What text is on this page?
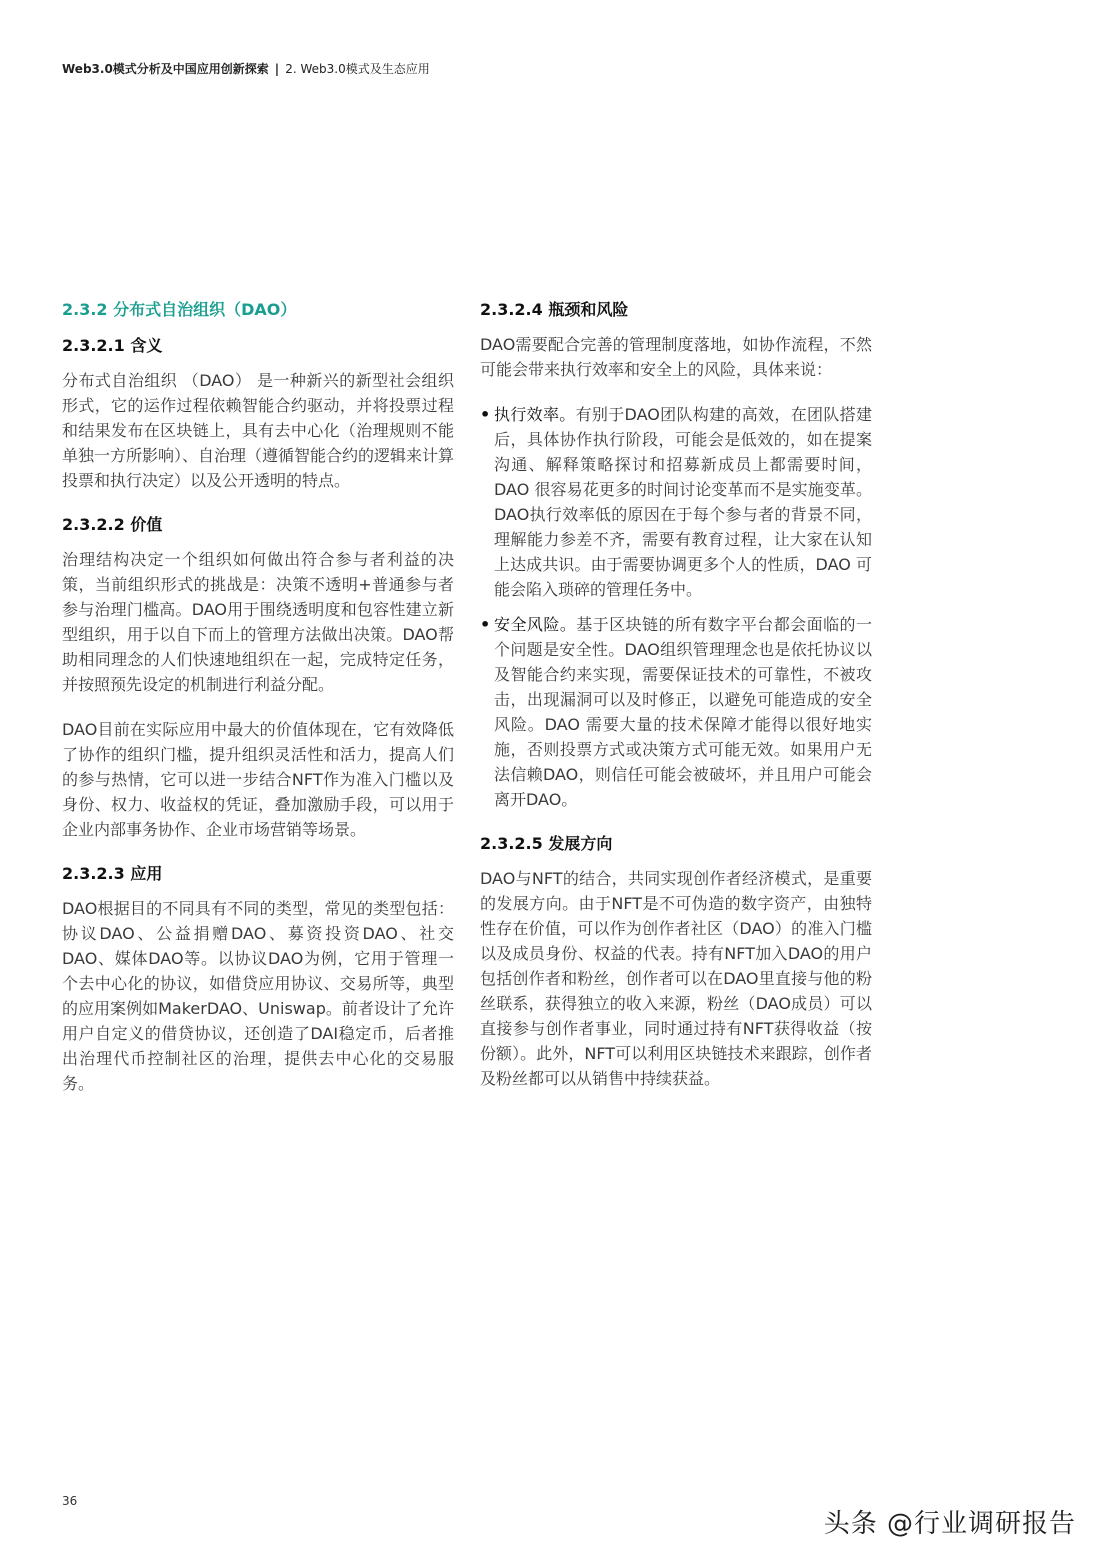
Web3.0模式分析及中国应用创新探索 | 2. Web3.0模式及生态应用
2.3.2 分布式自治组织（DAO）
2.3.2.1 含义

分布式自治组织 （DAO） 是一种新兴的新型社会组织形式，它的运作过程依赖智能合约驱动，并将投票过程和结果发布在区块链上，具有去中心化（治理规则不能单独一方所影响）、自治理（遵循智能合约的逻辑来计算投票和执行决定）以及公开透明的特点。

2.3.2.2 价值

治理结构决定一个组织如何做出符合参与者利益的决策，当前组织形式的挑战是：决策不透明+普通参与者参与治理门槛高。DAO用于围绕透明度和包容性建立新型组织，用于以自下而上的管理方法做出决策。DAO帮助相同理念的人们快速地组织在一起，完成特定任务，并按照预先设定的机制进行利益分配。

DAO目前在实际应用中最大的价值体现在，它有效降低了协作的组织门槛，提升组织灵活性和活力，提高人们的参与热情，它可以进一步结合NFT作为准入门槛以及身份、权力、收益权的凭证，叠加激励手段，可以用于企业内部事务协作、企业市场营销等场景。

2.3.2.3 应用

DAO根据目的不同具有不同的类型，常见的类型包括：协议DAO、公益捐赠DAO、募资投资DAO、社交DAO、媒体DAO等。以协议DAO为例，它用于管理一个去中心化的协议，如借贷应用协议、交易所等，典型的应用案例如MakerDAO、Uniswap。前者设计了允许用户自定义的借贷协议，还创造了DAI稳定币，后者推出治理代币控制社区的治理，提供去中心化的交易服务。

2.3.2.4 瓶颈和风险

DAO需要配合完善的管理制度落地，如协作流程，不然可能会带来执行效率和安全上的风险，具体来说：

• 执行效率。有别于DAO团队构建的高效，在团队搭建后，具体协作执行阶段，可能会是低效的，如在提案沟通、解释策略探讨和招募新成员上都需要时间，DAO 很容易花更多的时间讨论变革而不是实施变革。DAO执行效率低的原因在于每个参与者的背景不同，理解能力参差不齐，需要有教育过程，让大家在认知上达成共识。由于需要协调更多个人的性质，DAO 可能会陷入琐碎的管理任务中。
• 安全风险。基于区块链的所有数字平台都会面临的一个问题是安全性。DAO组织管理理念也是依托协议以及智能合约来实现，需要保证技术的可靠性，不被攻击，出现漏洞可以及时修正，以避免可能造成的安全风险。DAO 需要大量的技术保障才能得以很好地实施，否则投票方式或决策方式可能无效。如果用户无法信赖DAO，则信任可能会被破坏，并且用户可能会离开DAO。
2.3.2.5 发展方向

DAO与NFT的结合，共同实现创作者经济模式，是重要的发展方向。由于NFT是不可伪造的数字资产，由独特性存在价值，可以作为创作者社区（DAO）的准入门槛以及成员身份、权益的代表。持有NFT加入DAO的用户包括创作者和粉丝，创作者可以在DAO里直接与他的粉丝联系，获得独立的收入来源，粉丝（DAO成员）可以直接参与创作者事业，同时通过持有NFT获得收益（按份额）。此外，NFT可以利用区块链技术来跟踪，创作者及粉丝都可以从销售中持续获益。

36
头条 @行业调研报告
